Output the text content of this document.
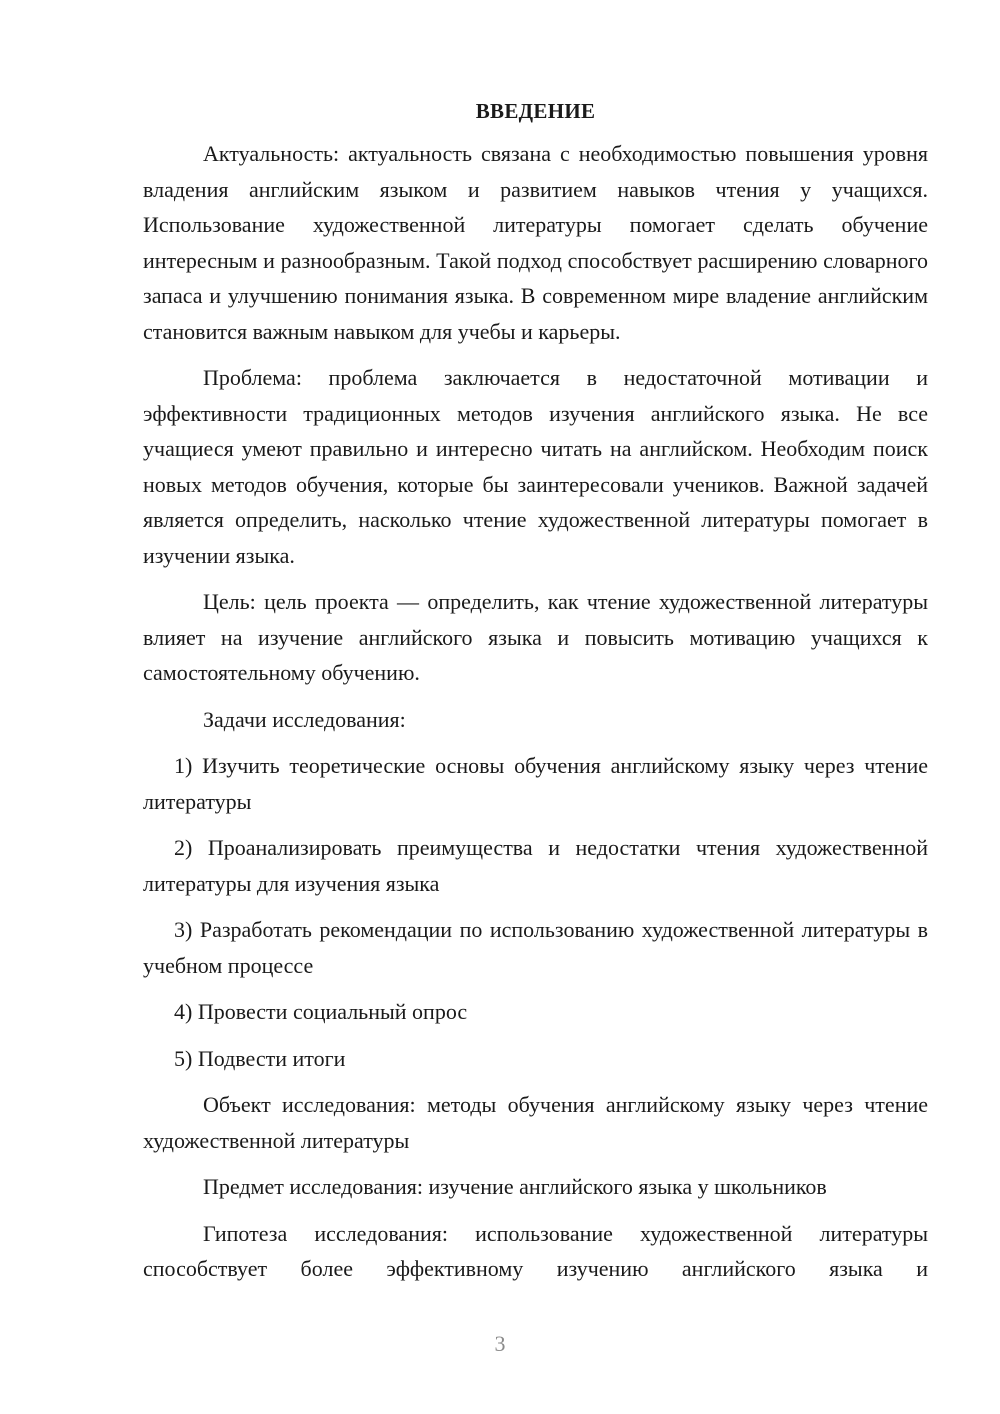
ВВЕДЕНИЕ

Актуальность: актуальность связана с необходимостью повышения уровня владения английским языком и развитием навыков чтения у учащихся. Использование художественной литературы помогает сделать обучение интересным и разнообразным. Такой подход способствует расширению словарного запаса и улучшению понимания языка. В современном мире владение английским становится важным навыком для учебы и карьеры.

Проблема: проблема заключается в недостаточной мотивации и эффективности традиционных методов изучения английского языка. Не все учащиеся умеют правильно и интересно читать на английском. Необходим поиск новых методов обучения, которые бы заинтересовали учеников. Важной задачей является определить, насколько чтение художественной литературы помогает в изучении языка.

Цель: цель проекта — определить, как чтение художественной литературы влияет на изучение английского языка и повысить мотивацию учащихся к самостоятельному обучению.

Задачи исследования:

1) Изучить теоретические основы обучения английскому языку через чтение литературы

2) Проанализировать преимущества и недостатки чтения художественной литературы для изучения языка

3) Разработать рекомендации по использованию художественной литературы в учебном процессе

4) Провести социальный опрос

5) Подвести итоги

Объект исследования: методы обучения английскому языку через чтение художественной литературы

Предмет исследования: изучение английского языка у школьников

Гипотеза исследования: использование художественной литературы способствует более эффективному изучению английского языка и

3
